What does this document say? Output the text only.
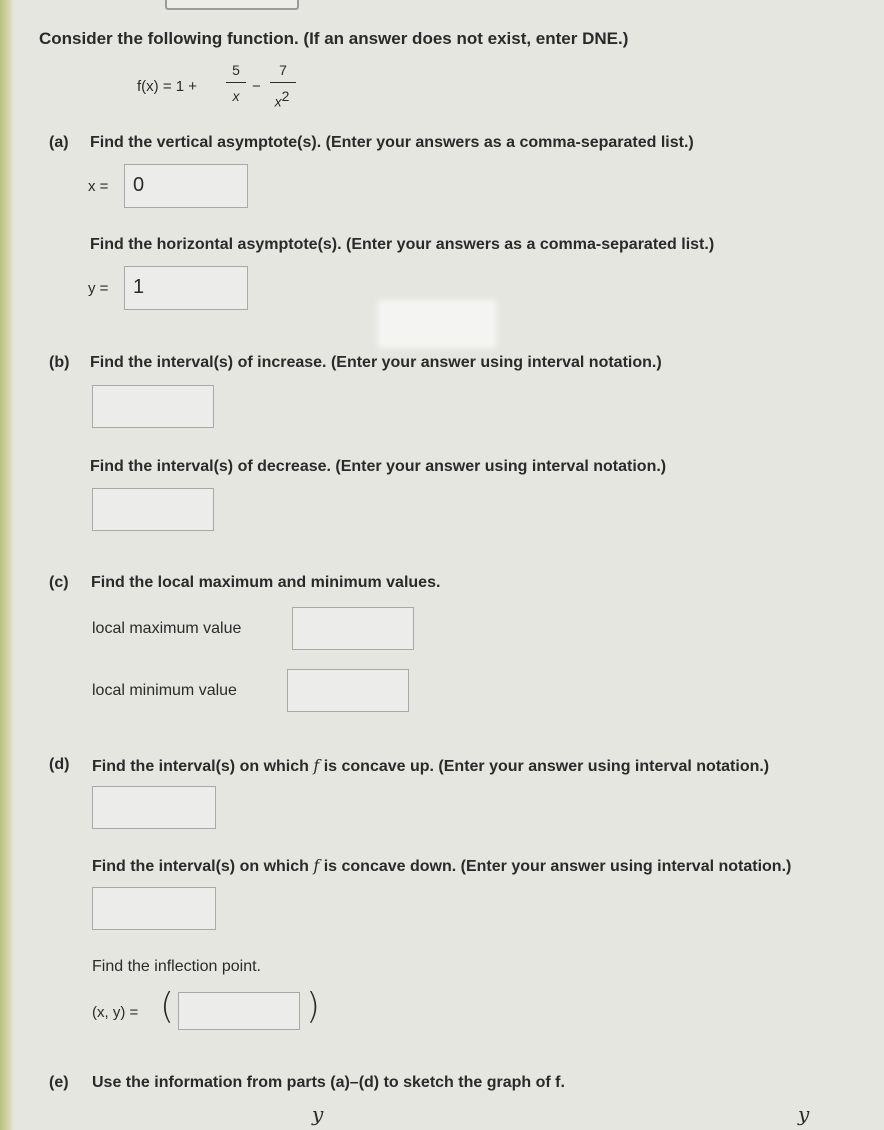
Consider the following function. (If an answer does not exist, enter DNE.)
f(x) = 1 +
5
x
−
7
$x^2$
(a) Find the vertical asymptote(s). (Enter your answers as a comma-separated list.)
x = 0
Find the horizontal asymptote(s). (Enter your answers as a comma-separated list.)
y = 1
(b) Find the interval(s) of increase. (Enter your answer using interval notation.)
Find the interval(s) of decrease. (Enter your answer using interval notation.)
(c) Find the local maximum and minimum values.
local maximum value
local minimum value
(d) Find the interval(s) on which f is concave up. (Enter your answer using interval notation.)
Find the interval(s) on which f is concave down. (Enter your answer using interval notation.)
Find the inflection point.
(x, y) = (	)
(e) Use the information from parts (a)–(d) to sketch the graph of f.
y	y
